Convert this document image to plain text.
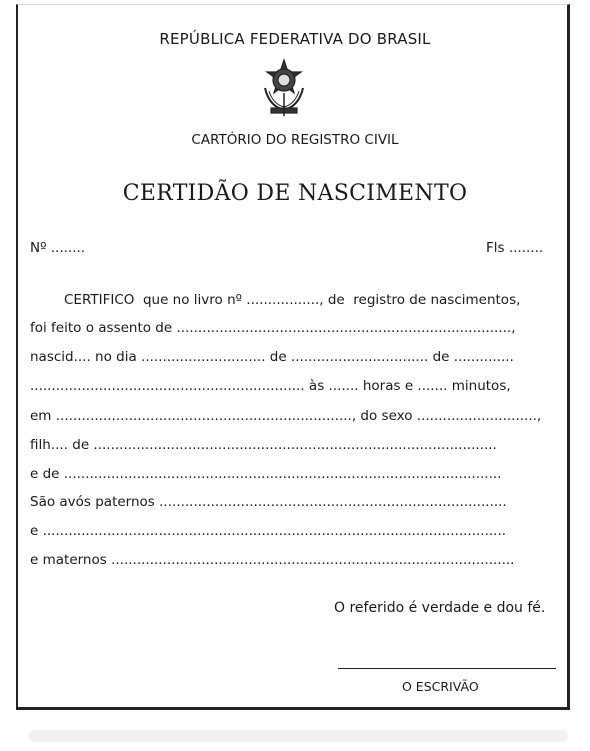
REPÚBLICA FEDERATIVA DO BRASIL
CARTÓRIO DO REGISTRO CIVIL
CERTIDÃO DE NASCIMENTO
Nº ........	Fls ........
CERTIFICO  que no livro nº ................., de  registro de nascimentos,
foi feito o assento de ..............................................................................,
nascid.... no dia ............................. de ................................ de ..............
................................................................ às ....... horas e ....... minutos,
em ....................................................................., do sexo ............................,
filh.... de ..............................................................................................
e de ......................................................................................................
São avós paternos .................................................................................
e ............................................................................................................
e maternos ..............................................................................................
O referido é verdade e dou fé.
O ESCRIVÃO
